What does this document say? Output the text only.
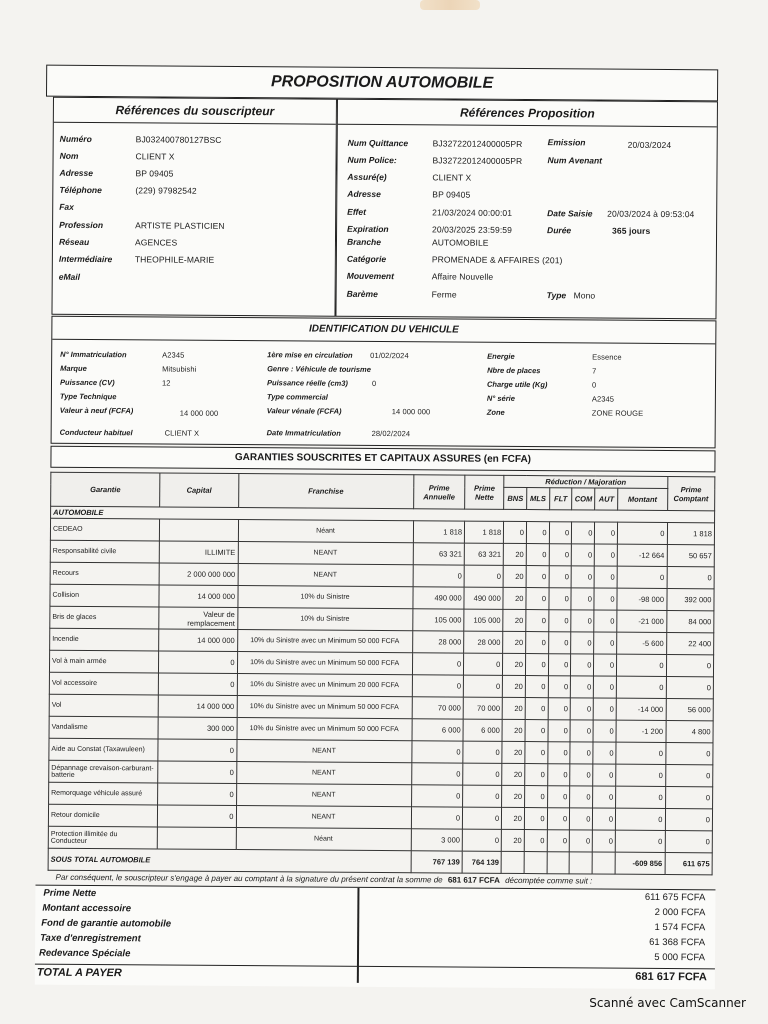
PROPOSITION AUTOMOBILE
Références du souscripteur
Numéro	BJ032400780127BSC
Nom	CLIENT X
Adresse	BP 09405
Téléphone	(229) 97982542
Fax
Profession	ARTISTE PLASTICIEN
Réseau	AGENCES
Intermédiaire	THEOPHILE-MARIE
eMail
Références Proposition
Num Quittance	BJ32722012400005PR	Emission	20/03/2024
Num Police:	BJ32722012400005PR	Num Avenant
Assuré(e)	CLIENT X
Adresse	BP 09405
Effet	21/03/2024 00:00:01	Date Saisie 20/03/2024 à 09:53:04
Expiration	20/03/2025 23:59:59	Durée	365 jours
Branche	AUTOMOBILE
Catégorie	PROMENADE & AFFAIRES (201)
Mouvement	Affaire Nouvelle
Barème	Ferme	Type Mono
IDENTIFICATION DU VEHICULE
N° Immatriculation	A2345	1ère mise en circulation 01/02/2024	Energie	Essence
Marque	Mitsubishi	Genre : Véhicule de tourisme	Nbre de places	7
Puissance (CV)	12	Puissance réelle (cm3)	0	Charge utile (Kg)	0
Type Technique	Type commercial	N° série	A2345
Valeur à neuf (FCFA)	14 000 000	Valeur vénale (FCFA)	14 000 000	Zone	ZONE ROUGE
Conducteur habituel	CLIENT X	Date Immatriculation	28/02/2024
GARANTIES SOUSCRITES ET CAPITAUX ASSURES (en FCFA)
Garantie	Capital	Franchise	Prime Annuelle	Prime Nette	Réduction / Majoration						Prime Comptant
					BNS	MLS	FLT	COM	AUT	Montant	
AUTOMOBILE											
CEDEAO		Néant	1 818	1 818	0	0	0	0	0	0	1 818
Responsabilité civile	ILLIMITE	NEANT	63 321	63 321	20	0	0	0	0	-12 664	50 657
Recours	2 000 000 000	NEANT	0	0	20	0	0	0	0	0	0
Collision	14 000 000	10% du Sinistre	490 000	490 000	20	0	0	0	0	-98 000	392 000
Bris de glaces	Valeur de remplacement	10% du Sinistre	105 000	105 000	20	0	0	0	0	-21 000	84 000
Incendie	14 000 000	10% du Sinistre avec un Minimum 50 000 FCFA	28 000	28 000	20	0	0	0	0	-5 600	22 400
Vol à main armée	0	10% du Sinistre avec un Minimum 50 000 FCFA	0	0	20	0	0	0	0	0	0
Vol accessoire	0	10% du Sinistre avec un Minimum 20 000 FCFA	0	0	20	0	0	0	0	0	0
Vol	14 000 000	10% du Sinistre avec un Minimum 50 000 FCFA	70 000	70 000	20	0	0	0	0	-14 000	56 000
Vandalisme	300 000	10% du Sinistre avec un Minimum 50 000 FCFA	6 000	6 000	20	0	0	0	0	-1 200	4 800
Aide au Constat (Taxawuleen)	0	NEANT	0	0	20	0	0	0	0	0	0
Dépannage crevaison-carburant-batterie	0	NEANT	0	0	20	0	0	0	0	0	0
Remorquage véhicule assuré	0	NEANT	0	0	20	0	0	0	0	0	0
Retour domicile	0	NEANT	0	0	20	0	0	0	0	0	0
Protection illimitée du Conducteur		Néant	3 000	0	20	0	0	0	0	0	0
SOUS TOTAL AUTOMOBILE			767 139	764 139						-609 856	611 675
Par conséquent, le souscripteur s'engage à payer au comptant à la signature du présent contrat la somme de 681 617 FCFA décomptée comme suit :
Prime Nette	611 675 FCFA
Montant accessoire	2 000 FCFA
Fond de garantie automobile	1 574 FCFA
Taxe d'enregistrement	61 368 FCFA
Redevance Spéciale	5 000 FCFA
TOTAL A PAYER	681 617 FCFA
Scanné avec CamScanner
